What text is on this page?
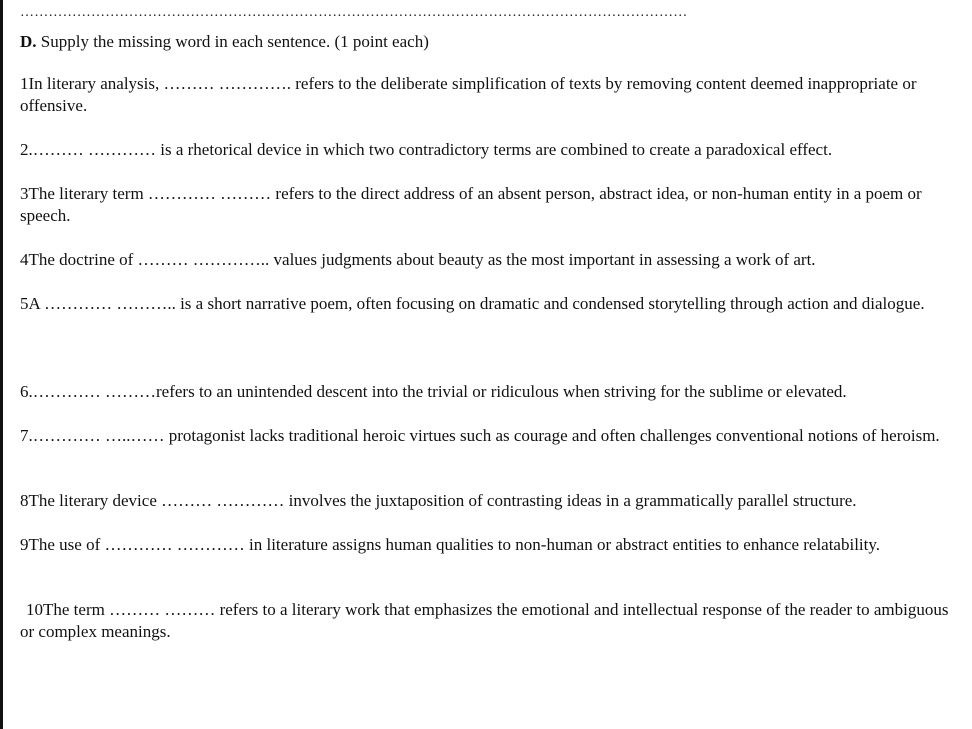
……………………………………………………………………………………………………………………………
D. Supply the missing word in each sentence. (1 point each)

1In literary analysis, ……… …………. refers to the deliberate simplification of texts by removing content deemed inappropriate or offensive.

2.……… ………… is a rhetorical device in which two contradictory terms are combined to create a paradoxical effect.

3The literary term ………… ……… refers to the direct address of an absent person, abstract idea, or non-human entity in a poem or speech.

4The doctrine of ……… ………….. values judgments about beauty as the most important in assessing a work of art.

5A ………… ……….. is a short narrative poem, often focusing on dramatic and condensed storytelling through action and dialogue.

6.………… ………refers to an unintended descent into the trivial or ridiculous when striving for the sublime or elevated.

7.………… …..…… protagonist lacks traditional heroic virtues such as courage and often challenges conventional notions of heroism.

8The literary device ……… ………… involves the juxtaposition of contrasting ideas in a grammatically parallel structure.

9The use of ………… ………… in literature assigns human qualities to non-human or abstract entities to enhance relatability.

10The term ……… ……… refers to a literary work that emphasizes the emotional and intellectual response of the reader to ambiguous or complex meanings.
